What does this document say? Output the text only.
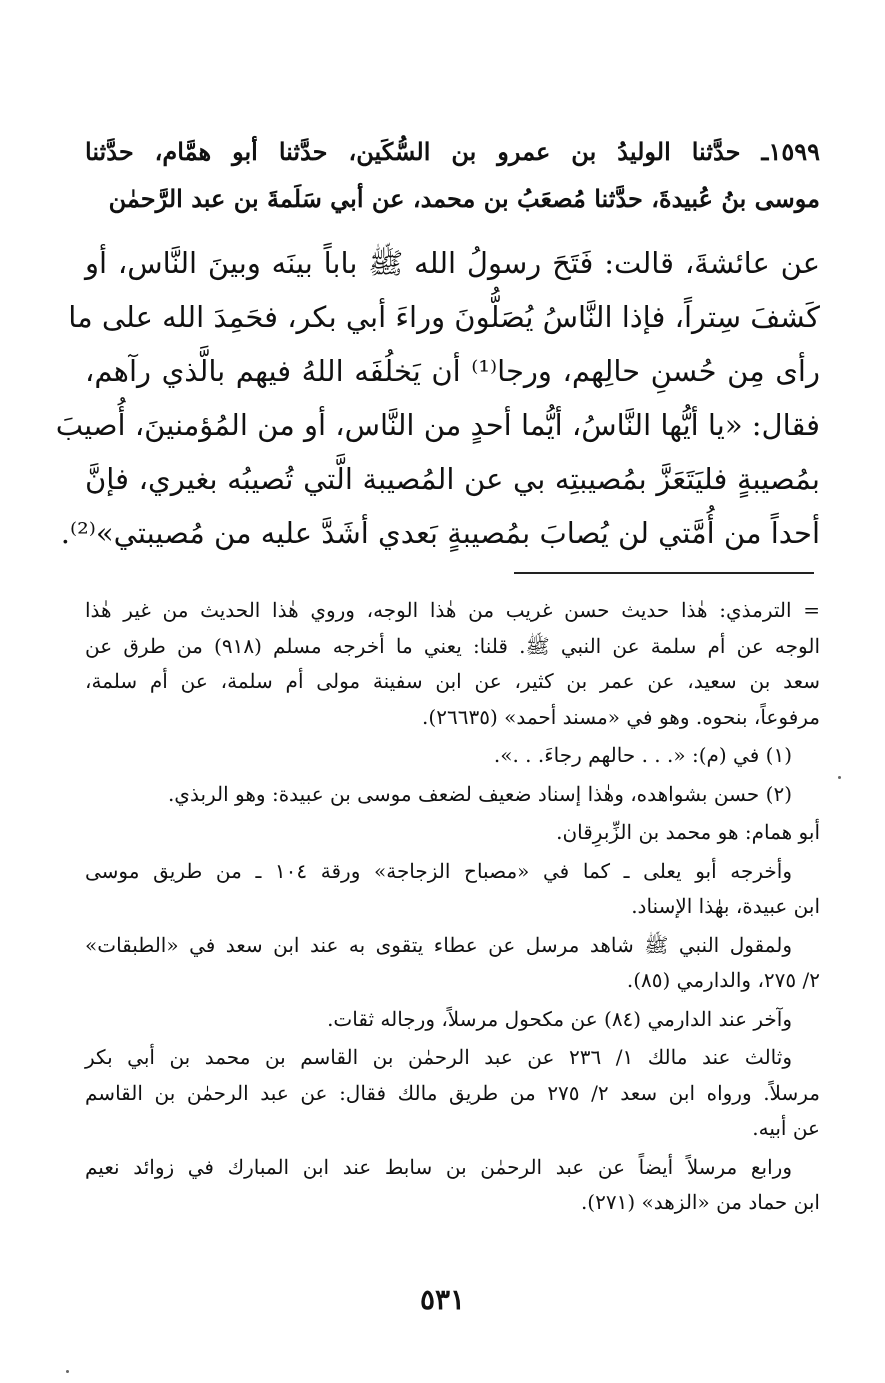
١٥٩٩ـ حدَّثنا الوليدُ بن عمرو بن السُّكَين، حدَّثنا أبو همَّام، حدَّثنا
موسى بنُ عُبيدةَ، حدَّثنا مُصعَبُ بن محمد، عن أبي سَلَمةَ بن عبد الرَّحمٰن
عن عائشةَ، قالت: فَتَحَ رسولُ الله ﷺ باباً بينَه وبينَ النَّاس، أو
كَشفَ سِتراً، فإذا النَّاسُ يُصَلُّونَ وراءَ أبي بكر، فحَمِدَ الله على ما
رأى مِن حُسنِ حالِهم، ورجا⁽¹⁾ أن يَخلُفَه اللهُ فيهم بالَّذي رآهم،
فقال: «يا أيُّها النَّاسُ، أيُّما أحدٍ من النَّاس، أو من المُؤمنينَ، أُصيبَ
بمُصيبةٍ فليَتَعَزَّ بمُصيبتِه بي عن المُصيبة الَّتي تُصيبُه بغيري، فإنَّ
أحداً من أُمَّتي لن يُصابَ بمُصيبةٍ بَعدي أشَدَّ عليه من مُصيبتي»⁽²⁾.
= الترمذي: هٰذا حديث حسن غريب من هٰذا الوجه، وروي هٰذا الحديث من غير هٰذا
الوجه عن أم سلمة عن النبي ﷺ. قلنا: يعني ما أخرجه مسلم (٩١٨) من طرق عن
سعد بن سعيد، عن عمر بن كثير، عن ابن سفينة مولى أم سلمة، عن أم سلمة،
مرفوعاً، بنحوه. وهو في «مسند أحمد» (٢٦٦٣٥).
(١) في (م): «. . . حالهم رجاءَ. . .».
(٢) حسن بشواهده، وهٰذا إسناد ضعيف لضعف موسى بن عبيدة: وهو الربذي.
أبو همام: هو محمد بن الزِّبرِقان.
وأخرجه أبو يعلى ـ كما في «مصباح الزجاجة» ورقة ١٠٤ ـ من طريق موسى
ابن عبيدة، بهٰذا الإسناد.
ولمقول النبي ﷺ شاهد مرسل عن عطاء يتقوى به عند ابن سعد في «الطبقات»
٢/ ٢٧٥، والدارمي (٨٥).
وآخر عند الدارمي (٨٤) عن مكحول مرسلاً، ورجاله ثقات.
وثالث عند مالك ١/ ٢٣٦ عن عبد الرحمٰن بن القاسم بن محمد بن أبي بكر
مرسلاً. ورواه ابن سعد ٢/ ٢٧٥ من طريق مالك فقال: عن عبد الرحمٰن بن القاسم
عن أبيه.
ورابع مرسلاً أيضاً عن عبد الرحمٰن بن سابط عند ابن المبارك في زوائد نعيم
ابن حماد من «الزهد» (٢٧١).
٥٣١
